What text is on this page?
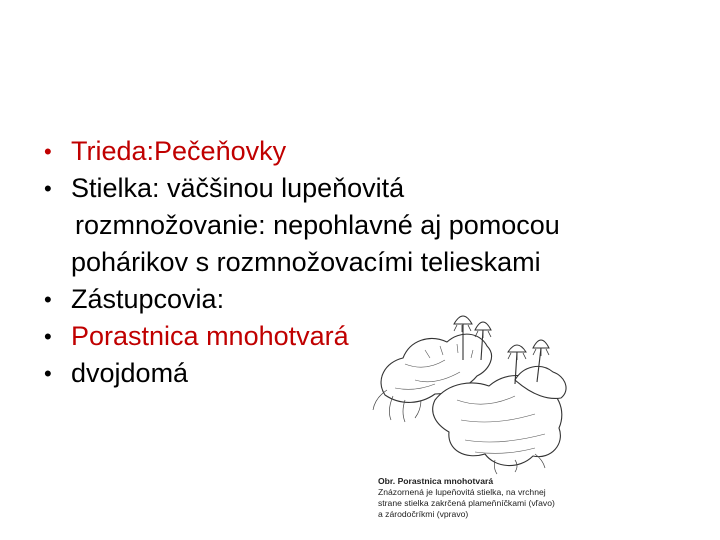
• Trieda:Pečeňovky
• Stielka: väčšinou lupeňovitá
rozmnožovanie: nepohlavné aj pomocou
pohárikov s rozmnožovacími telieskami
• Zástupcovia:
• Porastnica mnohotvará
• dvojdomá
Obr. Porastnica mnohotvará
Znázornená je lupeňovitá stielka, na vrchnej
strane stielka zakrčená plameňníčkami (vľavo)
a zárodočríkmi (vpravo)
